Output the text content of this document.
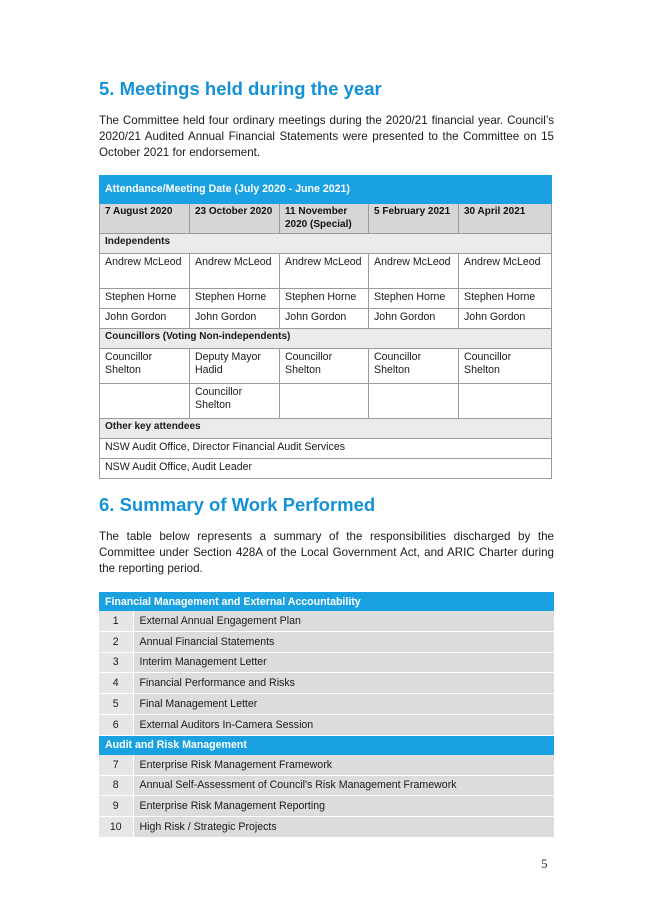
5. Meetings held during the year

The Committee held four ordinary meetings during the 2020/21 financial year. Council’s 2020/21 Audited Annual Financial Statements were presented to the Committee on 15 October 2021 for endorsement.

Attendance/Meeting Date (July 2020 - June 2021)				
7 August 2020	23 October 2020	11 November 2020 (Special)	5 February 2021	30 April 2021
Independents				
Andrew McLeod	Andrew McLeod	Andrew McLeod	Andrew McLeod	Andrew McLeod
Stephen Horne	Stephen Horne	Stephen Horne	Stephen Horne	Stephen Horne
John Gordon	John Gordon	John Gordon	John Gordon	John Gordon
Councillors (Voting Non-independents)				
Councillor Shelton	Deputy Mayor Hadid	Councillor Shelton	Councillor Shelton	Councillor Shelton
	Councillor Shelton			
Other key attendees				
NSW Audit Office, Director Financial Audit Services				
NSW Audit Office, Audit Leader				
6. Summary of Work Performed

The table below represents a summary of the responsibilities discharged by the Committee under Section 428A of the Local Government Act, and ARIC Charter during the reporting period.

Financial Management and External Accountability	
1	External Annual Engagement Plan
2	Annual Financial Statements
3	Interim Management Letter
4	Financial Performance and Risks
5	Final Management Letter
6	External Auditors In-Camera Session
Audit and Risk Management	
7	Enterprise Risk Management Framework
8	Annual Self-Assessment of Council's Risk Management Framework
9	Enterprise Risk Management Reporting
10	High Risk / Strategic Projects
5
